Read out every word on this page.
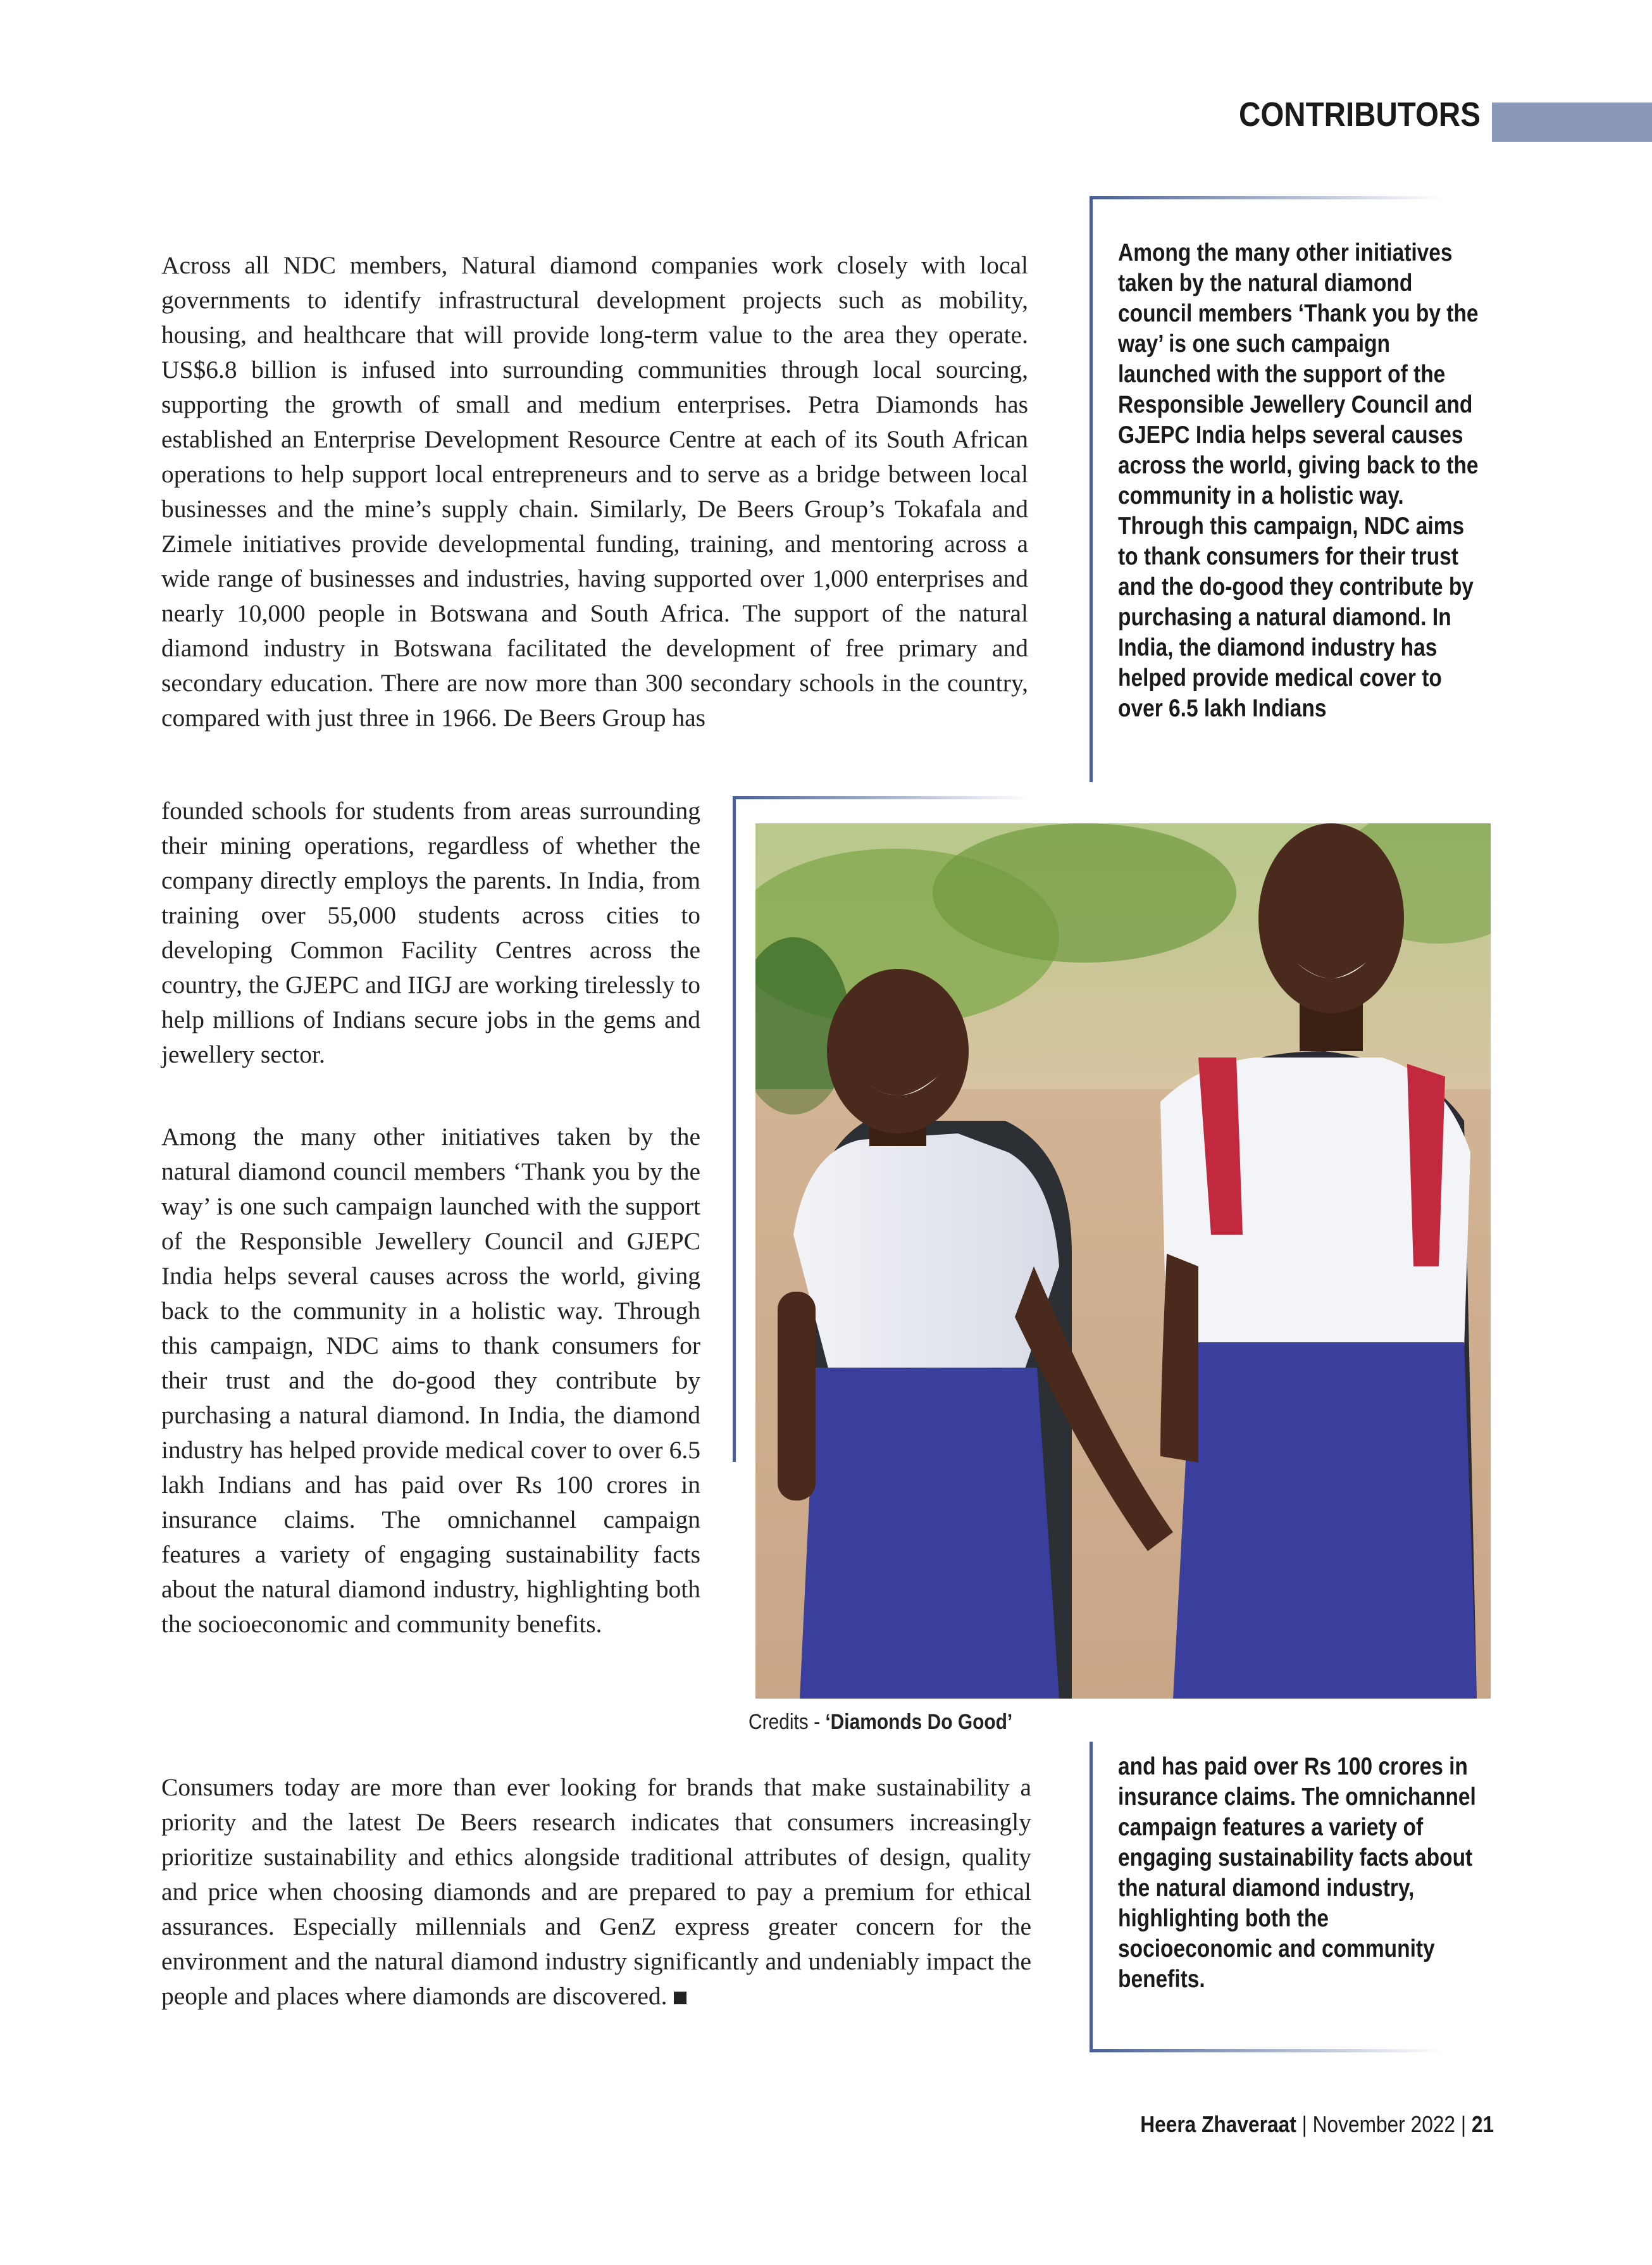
CONTRIBUTORS

Across all NDC members, Natural diamond companies work closely with local governments to identify infrastructural development projects such as mobility, housing, and healthcare that will provide long-term value to the area they operate. US$6.8 billion is infused into surrounding communities through local sourcing, supporting the growth of small and medium enterprises. Petra Diamonds has established an Enterprise Development Resource Centre at each of its South African operations to help support local entrepreneurs and to serve as a bridge between local businesses and the mine’s supply chain. Similarly, De Beers Group’s Tokafala and Zimele initiatives provide developmental funding, training, and mentoring across a wide range of businesses and industries, having supported over 1,000 enterprises and nearly 10,000 people in Botswana and South Africa. The support of the natural diamond industry in Botswana facilitated the development of free primary and secondary education. There are now more than 300 secondary schools in the country, compared with just three in 1966. De Beers Group has

founded schools for students from areas surrounding their mining operations, regardless of whether the company directly employs the parents. In India, from training over 55,000 students across cities to developing Common Facility Centres across the country, the GJEPC and IIGJ are working tirelessly to help millions of Indians secure jobs in the gems and jewellery sector.

Among the many other initiatives taken by the natural diamond council members ‘Thank you by the way’ is one such campaign launched with the support of the Responsible Jewellery Council and GJEPC India helps several causes across the world, giving back to the community in a holistic way. Through this campaign, NDC aims to thank consumers for their trust and the do-good they contribute by purchasing a natural diamond. In India, the diamond industry has helped provide medical cover to over 6.5 lakh Indians and has paid over Rs 100 crores in insurance claims. The omnichannel campaign features a variety of engaging sustainability facts about the natural diamond industry, highlighting both the socioeconomic and community benefits.

Consumers today are more than ever looking for brands that make sustainability a priority and the latest De Beers research indicates that consumers increasingly prioritize sustainability and ethics alongside traditional attributes of design, quality and price when choosing diamonds and are prepared to pay a premium for ethical assurances. Especially millennials and GenZ express greater concern for the environment and the natural diamond industry significantly and undeniably impact the people and places where diamonds are discovered.

Among the many other initiatives taken by the natural diamond council members ‘Thank you by the way’ is one such campaign launched with the support of the Responsible Jewellery Council and GJEPC India helps several causes across the world, giving back to the community in a holistic way. Through this campaign, NDC aims to thank consumers for their trust and the do-good they contribute by purchasing a natural diamond. In India, the diamond industry has helped provide medical cover to over 6.5 lakh Indians

Credits - ‘Diamonds Do Good’

and has paid over Rs 100 crores in insurance claims. The omnichannel campaign features a variety of engaging sustainability facts about the natural diamond industry, highlighting both the socioeconomic and community benefits.

Heera Zhaveraat | November 2022 | 21
